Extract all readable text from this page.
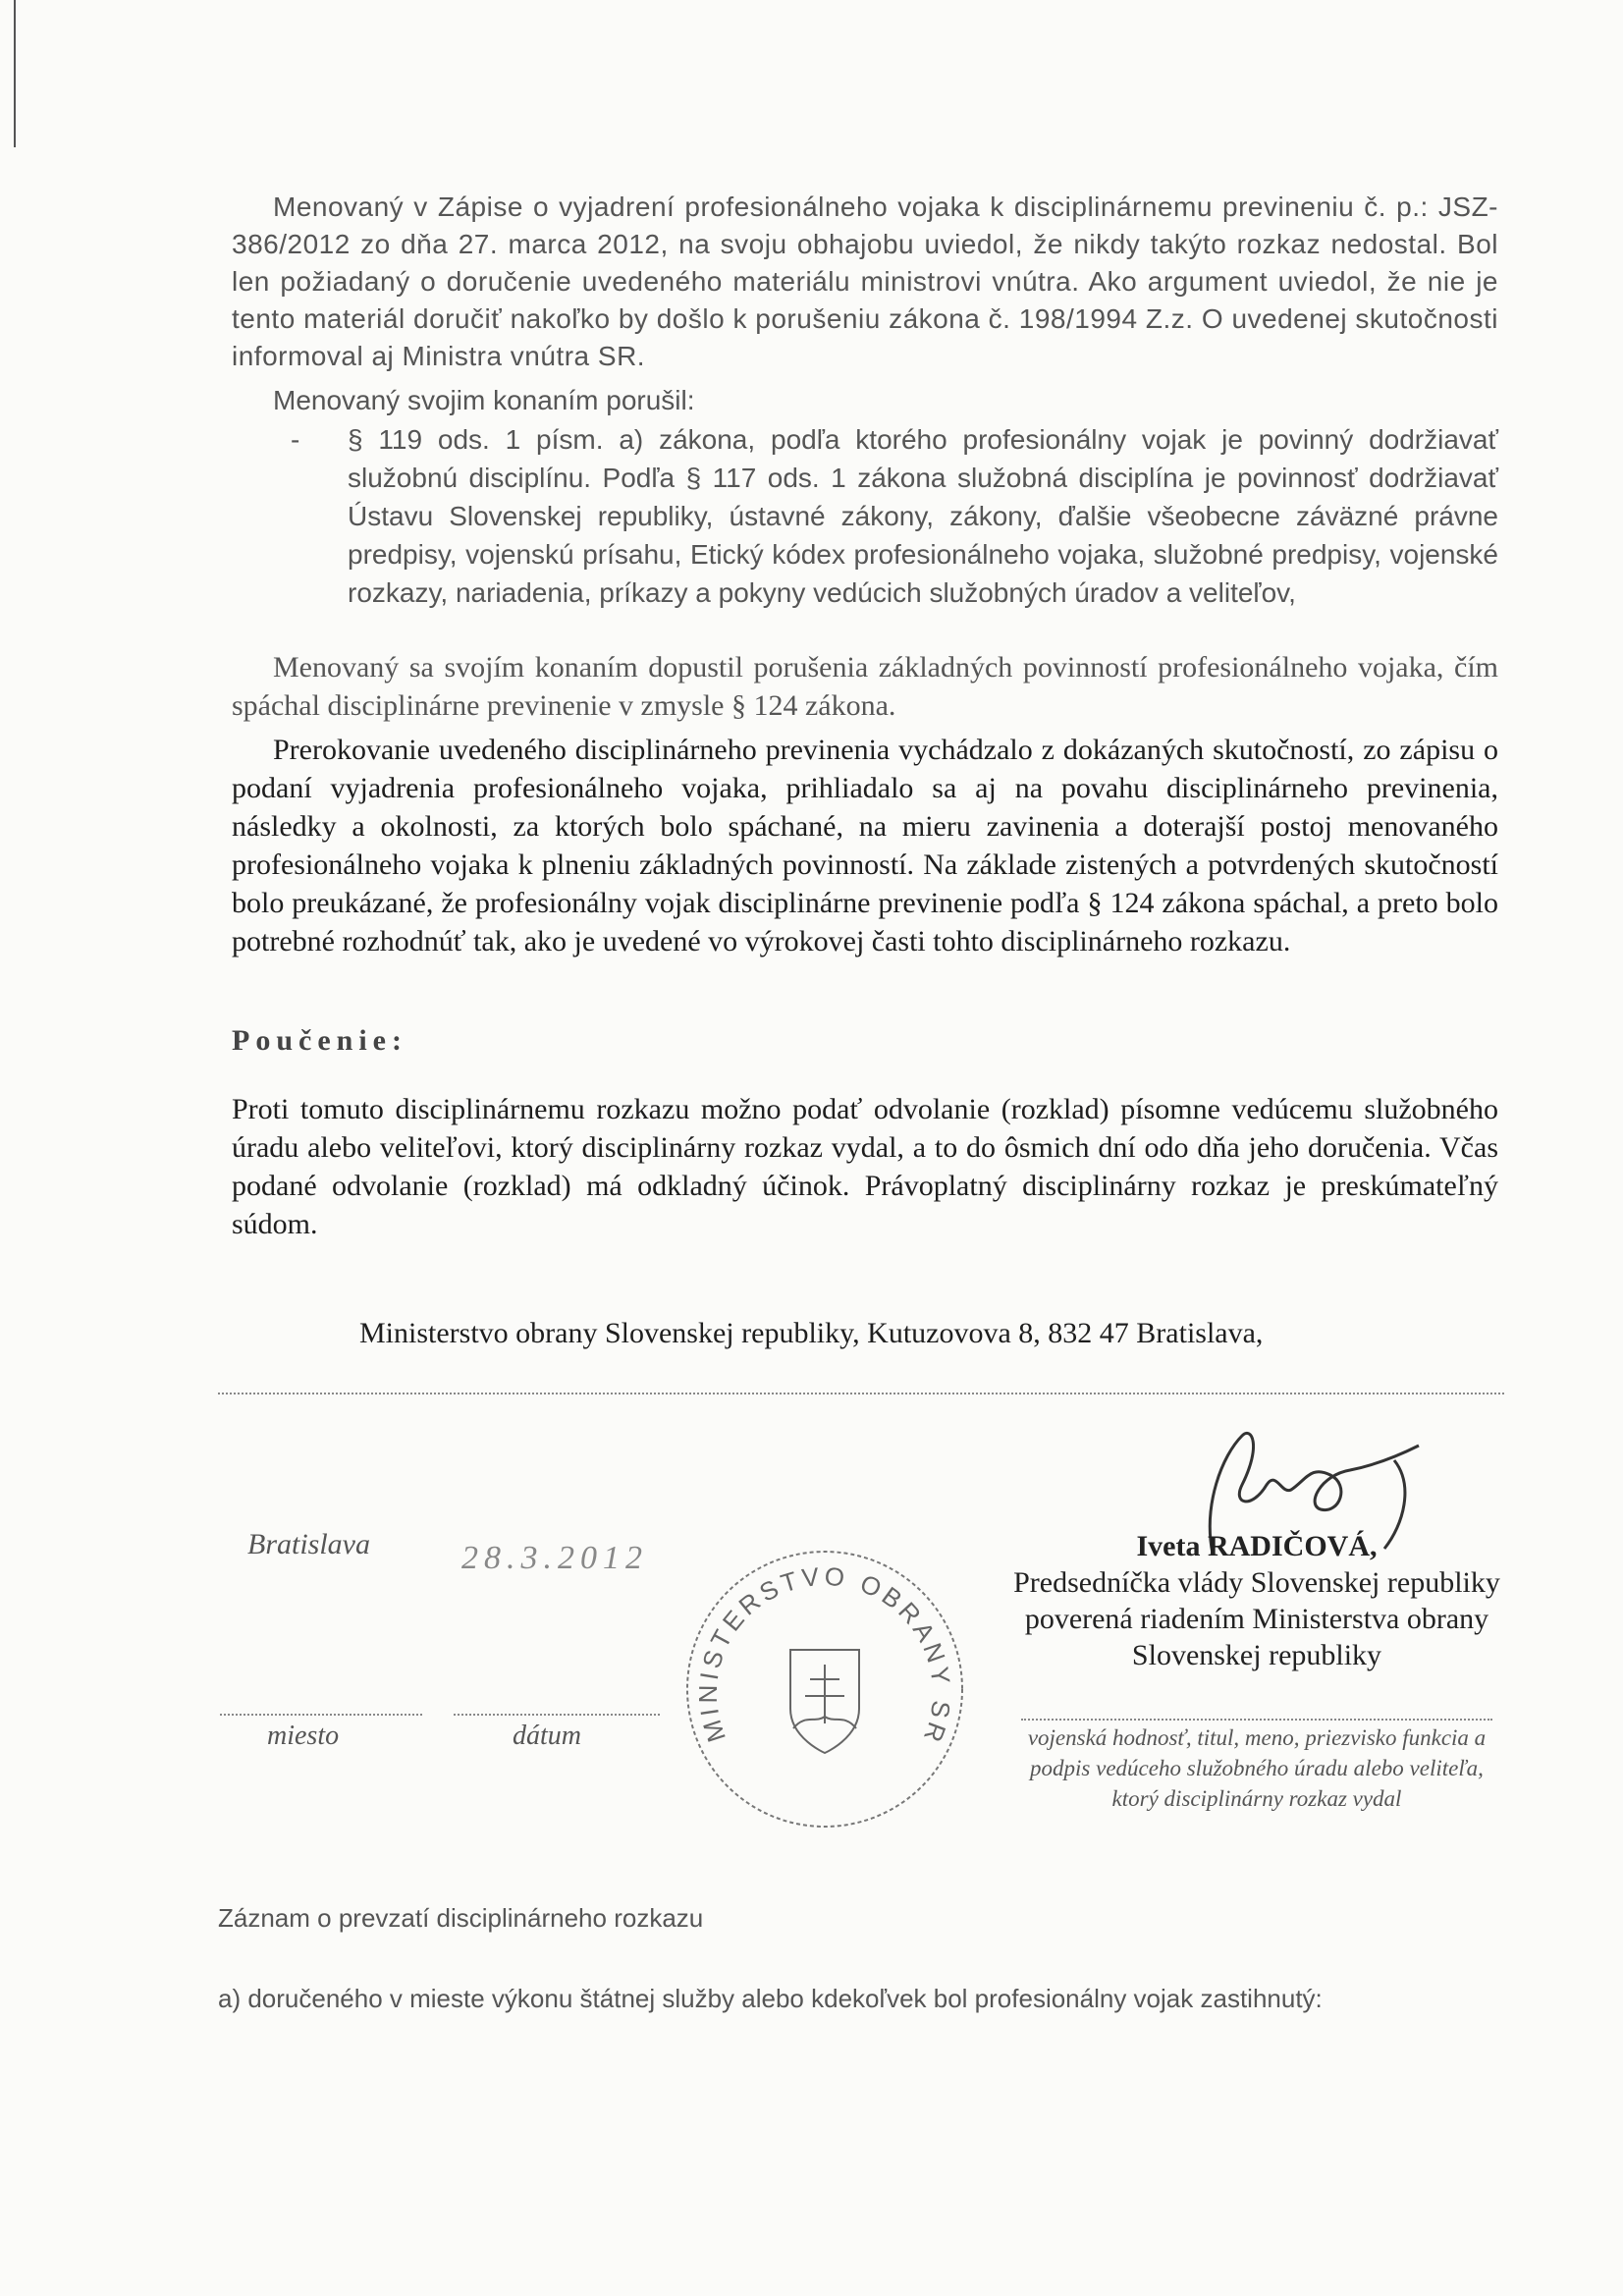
Menovaný v Zápise o vyjadrení profesionálneho vojaka k disciplinárnemu previneniu č. p.: JSZ-386/2012 zo dňa 27. marca 2012, na svoju obhajobu uviedol, že nikdy takýto rozkaz nedostal. Bol len požiadaný o doručenie uvedeného materiálu ministrovi vnútra. Ako argument uviedol, že nie je tento materiál doručiť nakoľko by došlo k porušeniu zákona č. 198/1994 Z.z. O uvedenej skutočnosti informoval aj Ministra vnútra SR.

Menovaný svojim konaním porušil:

- § 119 ods. 1 písm. a) zákona, podľa ktorého profesionálny vojak je povinný dodržiavať služobnú disciplínu. Podľa § 117 ods. 1 zákona služobná disciplína je povinnosť dodržiavať Ústavu Slovenskej republiky, ústavné zákony, zákony, ďalšie všeobecne záväzné právne predpisy, vojenskú prísahu, Etický kódex profesionálneho vojaka, služobné predpisy, vojenské rozkazy, nariadenia, príkazy a pokyny vedúcich služobných úradov a veliteľov,

Menovaný sa svojím konaním dopustil porušenia základných povinností profesionálneho vojaka, čím spáchal disciplinárne previnenie v zmysle § 124 zákona.

Prerokovanie uvedeného disciplinárneho previnenia vychádzalo z dokázaných skutočností, zo zápisu o podaní vyjadrenia profesionálneho vojaka, prihliadalo sa aj na povahu disciplinárneho previnenia, následky a okolnosti, za ktorých bolo spáchané, na mieru zavinenia a doterajší postoj menovaného profesionálneho vojaka k plneniu základných povinností. Na základe zistených a potvrdených skutočností bolo preukázané, že profesionálny vojak disciplinárne previnenie podľa § 124 zákona spáchal, a preto bolo potrebné rozhodnúť tak, ako je uvedené vo výrokovej časti tohto disciplinárneho rozkazu.

Poučenie:

Proti tomuto disciplinárnemu rozkazu možno podať odvolanie (rozklad) písomne vedúcemu služobného úradu alebo veliteľovi, ktorý disciplinárny rozkaz vydal, a to do ôsmich dní odo dňa jeho doručenia. Včas podané odvolanie (rozklad) má odkladný účinok. Právoplatný disciplinárny rozkaz je preskúmateľný súdom.

Ministerstvo obrany Slovenskej republiky, Kutuzovova 8, 832 47 Bratislava,

Bratislava	28.3.2012
miesto	dátum	MINISTERSTVO OBRANY SR
Iveta RADIČOVÁ,
Predsedníčka vlády Slovenskej republiky poverená riadením Ministerstva obrany Slovenskej republiky
vojenská hodnosť, titul, meno, priezvisko funkcia a podpis vedúceho služobného úradu alebo veliteľa, ktorý disciplinárny rozkaz vydal
Záznam o prevzatí disciplinárneho rozkazu
a) doručeného v mieste výkonu štátnej služby alebo kdekoľvek bol profesionálny vojak zastihnutý:
